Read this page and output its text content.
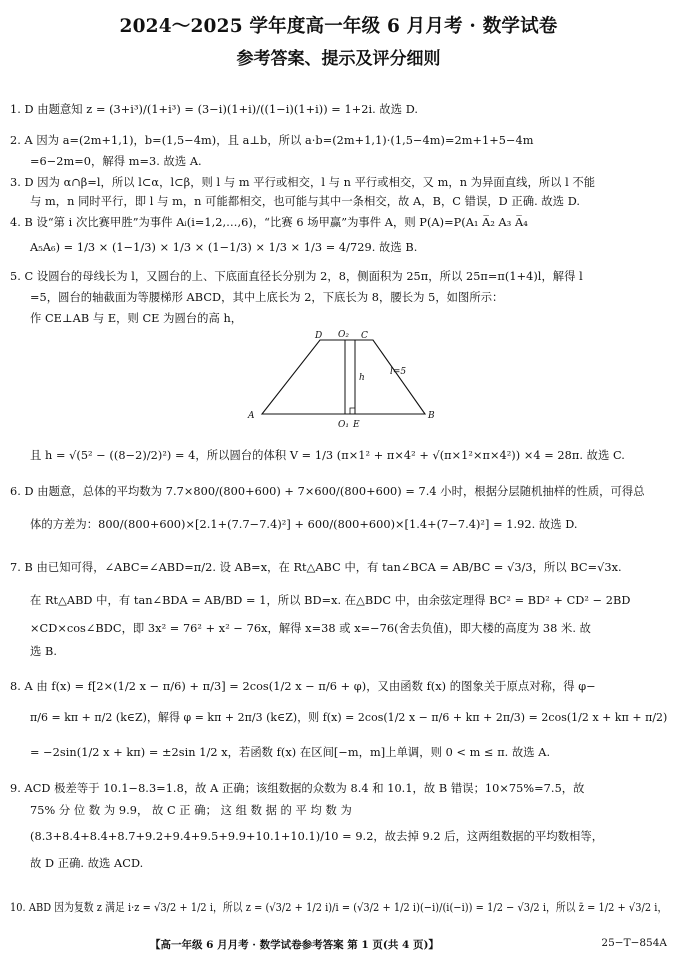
2024～2025 学年度高一年级 6 月月考 · 数学试卷
参考答案、提示及评分细则
1. D 由题意知 z = (3+i³)/(1+i³) = (3−i)(1+i)/((1−i)(1+i)) = 1+2i. 故选 D.
2. A 因为 a=(2m+1,1)，b=(1,5−4m)，且 a⊥b，所以 a·b=(2m+1,1)·(1,5−4m)=2m+1+5−4m
=6−2m=0，解得 m=3. 故选 A.
3. D 因为 α∩β=l，所以 l⊂α，l⊂β，则 l 与 m 平行或相交，l 与 n 平行或相交，又 m，n 为异面直线，所以 l 不能
与 m，n 同时平行，即 l 与 m，n 可能都相交，也可能与其中一条相交，故 A，B，C 错误，D 正确. 故选 D.
4. B 设“第 i 次比赛甲胜”为事件 Aᵢ(i=1,2,…,6)，“比赛 6 场甲赢”为事件 A，则 P(A)=P(A₁ A̅₂ A₃ A̅₄
A₅A₆) = 1/3 × (1−1/3) × 1/3 × (1−1/3) × 1/3 × 1/3 = 4/729. 故选 B.
5. C 设圆台的母线长为 l，又圆台的上、下底面直径长分别为 2，8，侧面积为 25π，所以 25π=π(1+4)l，解得 l
=5，圆台的轴截面为等腰梯形 ABCD，其中上底长为 2，下底长为 8，腰长为 5，如图所示：
作 CE⊥AB 与 E，则 CE 为圆台的高 h，
D O₂ C
l=5
h
A
O₁ E
B
且 h = √(5² − ((8−2)/2)²) = 4，所以圆台的体积 V = 1/3 (π×1² + π×4² + √(π×1²×π×4²)) ×4 = 28π. 故选 C.
6. D 由题意，总体的平均数为 7.7×800/(800+600) + 7×600/(800+600) = 7.4 小时，根据分层随机抽样的性质，可得总
体的方差为：800/(800+600)×[2.1+(7.7−7.4)²] + 600/(800+600)×[1.4+(7−7.4)²] = 1.92. 故选 D.
7. B 由已知可得，∠ABC=∠ABD=π/2. 设 AB=x，在 Rt△ABC 中，有 tan∠BCA = AB/BC = √3/3，所以 BC=√3x.
在 Rt△ABD 中，有 tan∠BDA = AB/BD = 1，所以 BD=x. 在△BDC 中，由余弦定理得 BC² = BD² + CD² − 2BD
×CD×cos∠BDC，即 3x² = 76² + x² − 76x，解得 x=38 或 x=−76(舍去负值)，即大楼的高度为 38 米. 故
选 B.
8. A 由 f(x) = f[2×(1/2 x − π/6) + π/3] = 2cos(1/2 x − π/6 + φ)，又由函数 f(x) 的图象关于原点对称，得 φ−
π/6 = kπ + π/2 (k∈Z)，解得 φ = kπ + 2π/3 (k∈Z)，则 f(x) = 2cos(1/2 x − π/6 + kπ + 2π/3) = 2cos(1/2 x + kπ + π/2)
= −2sin(1/2 x + kπ) = ±2sin 1/2 x，若函数 f(x) 在区间[−m，m]上单调，则 0 < m ≤ π. 故选 A.
9. ACD 极差等于 10.1−8.3=1.8，故 A 正确；该组数据的众数为 8.4 和 10.1，故 B 错误；10×75%=7.5，故
75% 分 位 数 为 9.9， 故 C 正 确； 这 组 数 据 的 平 均 数 为
(8.3+8.4+8.4+8.7+9.2+9.4+9.5+9.9+10.1+10.1)/10 = 9.2，故去掉 9.2 后，这两组数据的平均数相等，
故 D 正确. 故选 ACD.
10. ABD 因为复数 z 满足 i·z = √3/2 + 1/2 i，所以 z = (√3/2 + 1/2 i)/i = (√3/2 + 1/2 i)(−i)/(i(−i)) = 1/2 − √3/2 i，所以 z̄ = 1/2 + √3/2 i，
【高一年级 6 月月考 · 数学试卷参考答案 第 1 页(共 4 页)】	25−T−854A
